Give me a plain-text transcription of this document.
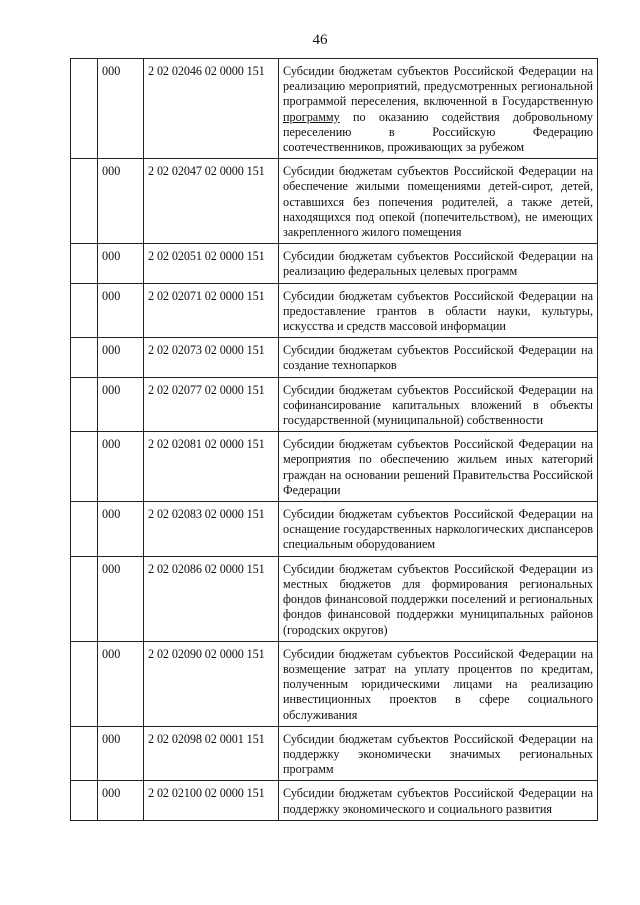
46
	000	2 02 02046 02 0000 151	Субсидии бюджетам субъектов Российской Федерации на реализацию мероприятий, предусмотренных региональной программой переселения, включенной в Государственную программу по оказанию содействия добровольному переселению в Российскую Федерацию соотечественников, проживающих за рубежом
	000	2 02 02047 02 0000 151	Субсидии бюджетам субъектов Российской Федерации на обеспечение жилыми помещениями детей-сирот, детей, оставшихся без попечения родителей, а также детей, находящихся под опекой (попечительством), не имеющих закрепленного жилого помещения
	000	2 02 02051 02 0000 151	Субсидии бюджетам субъектов Российской Федерации на реализацию федеральных целевых программ
	000	2 02 02071 02 0000 151	Субсидии бюджетам субъектов Российской Федерации на предоставление грантов в области науки, культуры, искусства и средств массовой информации
	000	2 02 02073 02 0000 151	Субсидии бюджетам субъектов Российской Федерации на создание технопарков
	000	2 02 02077 02 0000 151	Субсидии бюджетам субъектов Российской Федерации на софинансирование капитальных вложений в объекты государственной (муниципальной) собственности
	000	2 02 02081 02 0000 151	Субсидии бюджетам субъектов Российской Федерации на мероприятия по обеспечению жильем иных категорий граждан на основании решений Правительства Российской Федерации
	000	2 02 02083 02 0000 151	Субсидии бюджетам субъектов Российской Федерации на оснащение государственных наркологических диспансеров специальным оборудованием
	000	2 02 02086 02 0000 151	Субсидии бюджетам субъектов Российской Федерации из местных бюджетов для формирования региональных фондов финансовой поддержки поселений и региональных фондов финансовой поддержки муниципальных районов (городских округов)
	000	2 02 02090 02 0000 151	Субсидии бюджетам субъектов Российской Федерации на возмещение затрат на уплату процентов по кредитам, полученным юридическими лицами на реализацию инвестиционных проектов в сфере социального обслуживания
	000	2 02 02098 02 0001 151	Субсидии бюджетам субъектов Российской Федерации на поддержку экономически значимых региональных программ
	000	2 02 02100 02 0000 151	Субсидии бюджетам субъектов Российской Федерации на поддержку экономического и социального развития
